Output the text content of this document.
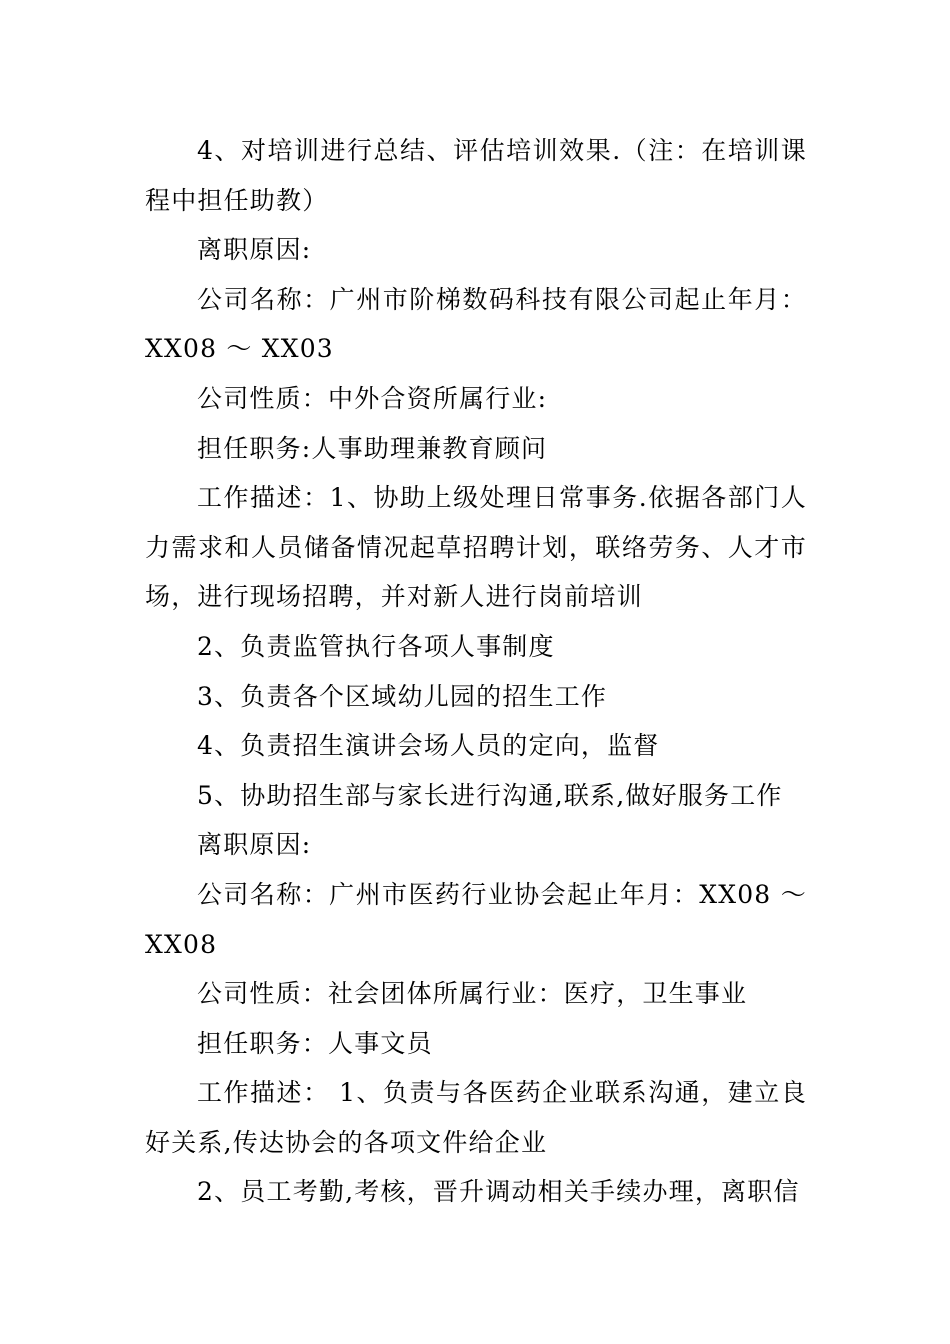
4、对培训进行总结、评估培训效果.（注：在培训课程中担任助教）

离职原因:

公司名称：广州市阶梯数码科技有限公司起止年月：XX08 ～ XX03

公司性质：中外合资所属行业:

担任职务:人事助理兼教育顾问

工作描述：1、协助上级处理日常事务.依据各部门人力需求和人员储备情况起草招聘计划，联络劳务、人才市场，进行现场招聘，并对新人进行岗前培训

2、负责监管执行各项人事制度

3、负责各个区域幼儿园的招生工作

4、负责招生演讲会场人员的定向，监督

5、协助招生部与家长进行沟通,联系,做好服务工作

离职原因:

公司名称：广州市医药行业协会起止年月：XX08 ～ XX08

公司性质：社会团体所属行业：医疗，卫生事业

担任职务：人事文员

工作描述： 1、负责与各医药企业联系沟通，建立良好关系,传达协会的各项文件给企业

2、员工考勤,考核，晋升调动相关手续办理，离职信
